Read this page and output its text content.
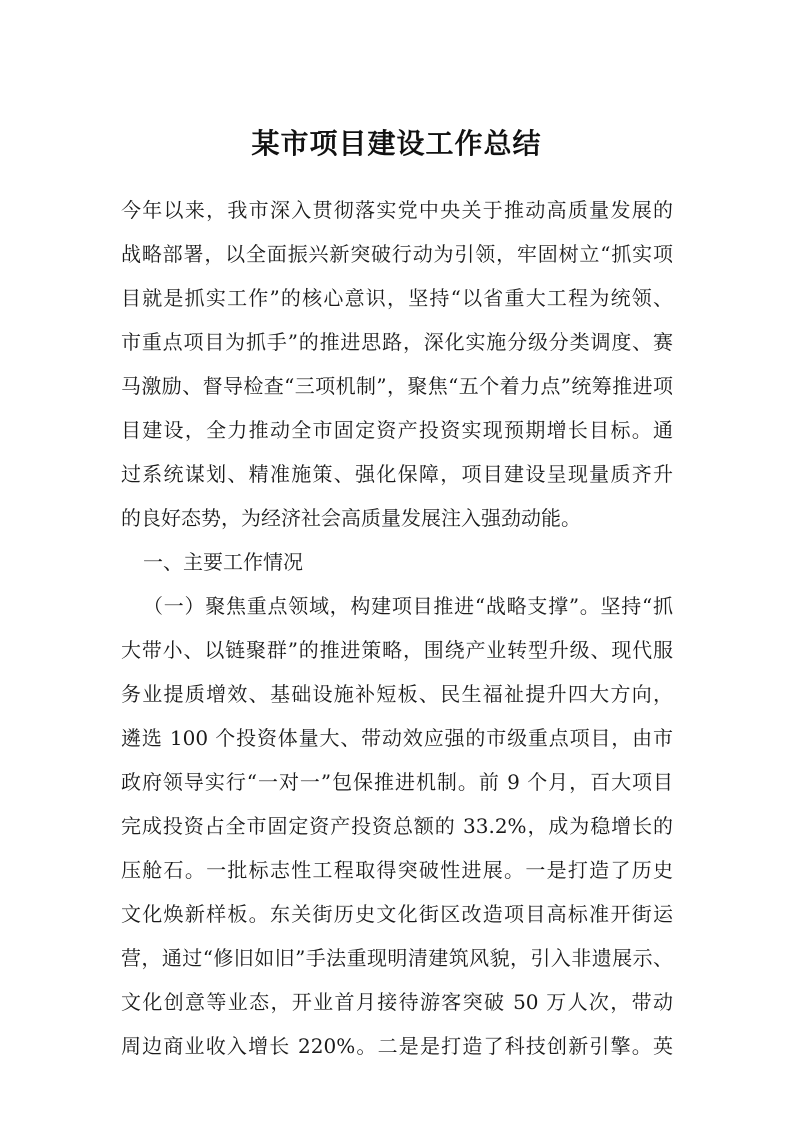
某市项目建设工作总结

今年以来，我市深入贯彻落实党中央关于推动高质量发展的

战略部署，以全面振兴新突破行动为引领，牢固树立“抓实项

目就是抓实工作”的核心意识，坚持“以省重大工程为统领、

市重点项目为抓手”的推进思路，深化实施分级分类调度、赛

马激励、督导检查“三项机制”，聚焦“五个着力点”统筹推进项

目建设，全力推动全市固定资产投资实现预期增长目标。通

过系统谋划、精准施策、强化保障，项目建设呈现量质齐升

的良好态势，为经济社会高质量发展注入强劲动能。

一、主要工作情况

（一）聚焦重点领域，构建项目推进“战略支撑”。坚持“抓

大带小、以链聚群”的推进策略，围绕产业转型升级、现代服

务业提质增效、基础设施补短板、民生福祉提升四大方向，

遴选 100 个投资体量大、带动效应强的市级重点项目，由市

政府领导实行“一对一”包保推进机制。前 9 个月，百大项目

完成投资占全市固定资产投资总额的 33.2%，成为稳增长的

压舱石。一批标志性工程取得突破性进展。一是打造了历史

文化焕新样板。东关街历史文化街区改造项目高标准开街运

营，通过“修旧如旧”手法重现明清建筑风貌，引入非遗展示、

文化创意等业态，开业首月接待游客突破 50 万人次，带动

周边商业收入增长 220%。二是是打造了科技创新引擎。英
